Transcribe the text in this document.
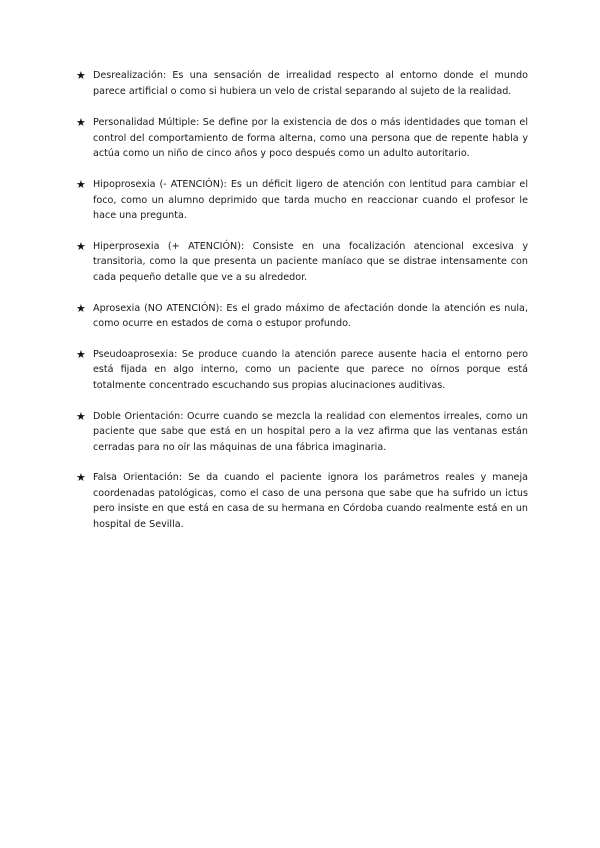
★ Desrealización: Es una sensación de irrealidad respecto al entorno donde el mundo parece artificial o como si hubiera un velo de cristal separando al sujeto de la realidad.
★ Personalidad Múltiple: Se define por la existencia de dos o más identidades que toman el control del comportamiento de forma alterna, como una persona que de repente habla y actúa como un niño de cinco años y poco después como un adulto autoritario.
★ Hipoprosexia (- ATENCIÓN): Es un déficit ligero de atención con lentitud para cambiar el foco, como un alumno deprimido que tarda mucho en reaccionar cuando el profesor le hace una pregunta.
★ Hiperprosexia (+ ATENCIÓN): Consiste en una focalización atencional excesiva y transitoria, como la que presenta un paciente maníaco que se distrae intensamente con cada pequeño detalle que ve a su alrededor.
★ Aprosexia (NO ATENCIÓN): Es el grado máximo de afectación donde la atención es nula, como ocurre en estados de coma o estupor profundo.
★ Pseudoaprosexia: Se produce cuando la atención parece ausente hacia el entorno pero está fijada en algo interno, como un paciente que parece no oírnos porque está totalmente concentrado escuchando sus propias alucinaciones auditivas.
★ Doble Orientación: Ocurre cuando se mezcla la realidad con elementos irreales, como un paciente que sabe que está en un hospital pero a la vez afirma que las ventanas están cerradas para no oír las máquinas de una fábrica imaginaria.
★ Falsa Orientación: Se da cuando el paciente ignora los parámetros reales y maneja coordenadas patológicas, como el caso de una persona que sabe que ha sufrido un ictus pero insiste en que está en casa de su hermana en Córdoba cuando realmente está en un hospital de Sevilla.
